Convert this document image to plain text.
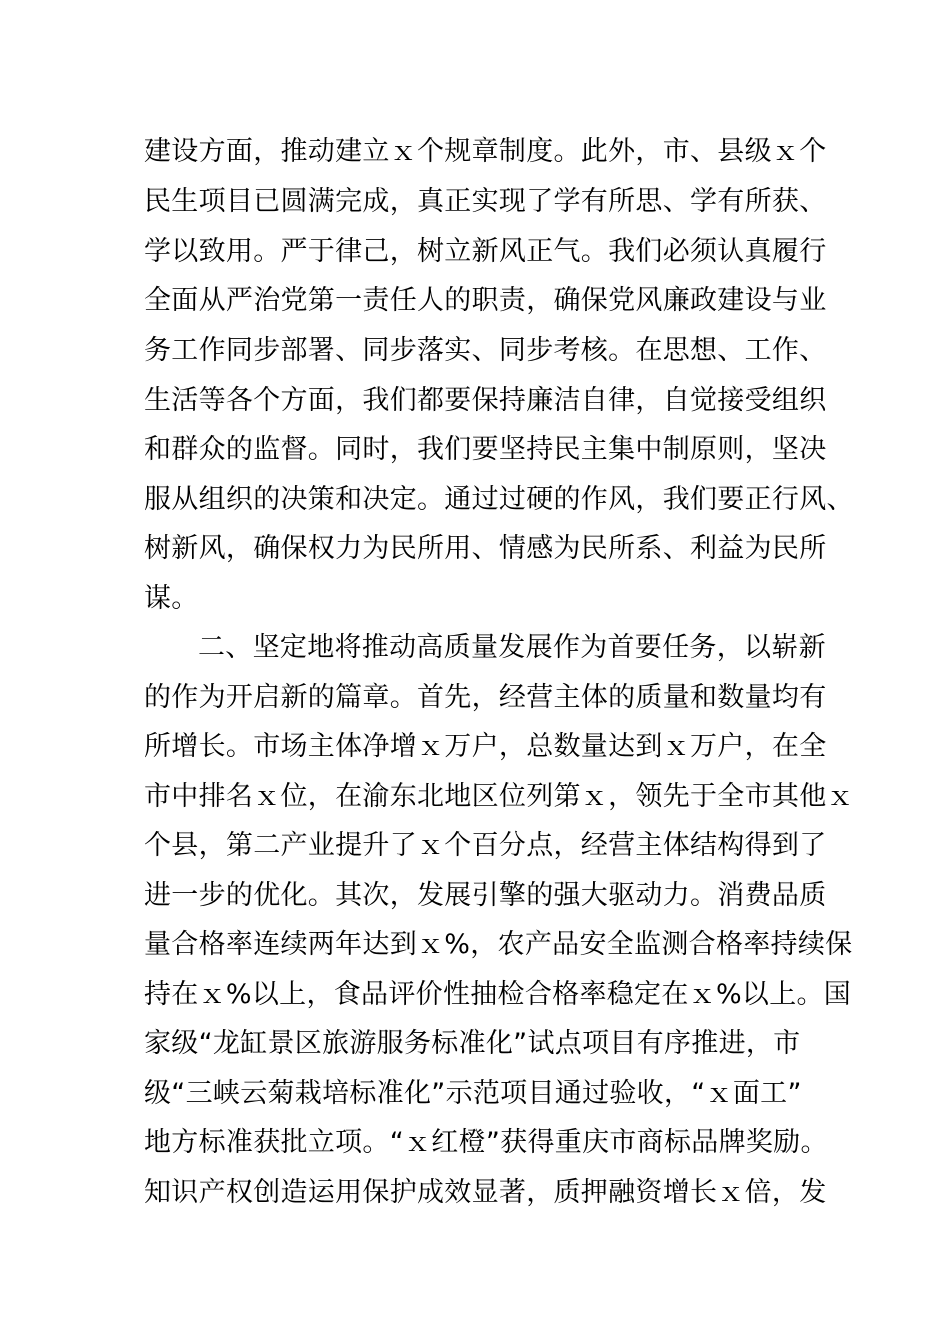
建设方面，推动建立ｘ个规章制度。此外，市、县级ｘ个
民生项目已圆满完成，真正实现了学有所思、学有所获、
学以致用。严于律己，树立新风正气。我们必须认真履行
全面从严治党第一责任人的职责，确保党风廉政建设与业
务工作同步部署、同步落实、同步考核。在思想、工作、
生活等各个方面，我们都要保持廉洁自律，自觉接受组织
和群众的监督。同时，我们要坚持民主集中制原则，坚决
服从组织的决策和决定。通过过硬的作风，我们要正行风、
树新风，确保权力为民所用、情感为民所系、利益为民所
谋。
二、坚定地将推动高质量发展作为首要任务，以崭新
的作为开启新的篇章。首先，经营主体的质量和数量均有
所增长。市场主体净增ｘ万户，总数量达到ｘ万户，在全
市中排名ｘ位，在渝东北地区位列第ｘ，领先于全市其他ｘ
个县，第二产业提升了ｘ个百分点，经营主体结构得到了
进一步的优化。其次，发展引擎的强大驱动力。消费品质
量合格率连续两年达到ｘ%，农产品安全监测合格率持续保
持在ｘ%以上，食品评价性抽检合格率稳定在ｘ%以上。国
家级“龙缸景区旅游服务标准化”试点项目有序推进，市
级“三峡云菊栽培标准化”示范项目通过验收，“ｘ面工”
地方标准获批立项。“ｘ红橙”获得重庆市商标品牌奖励。
知识产权创造运用保护成效显著，质押融资增长ｘ倍，发
